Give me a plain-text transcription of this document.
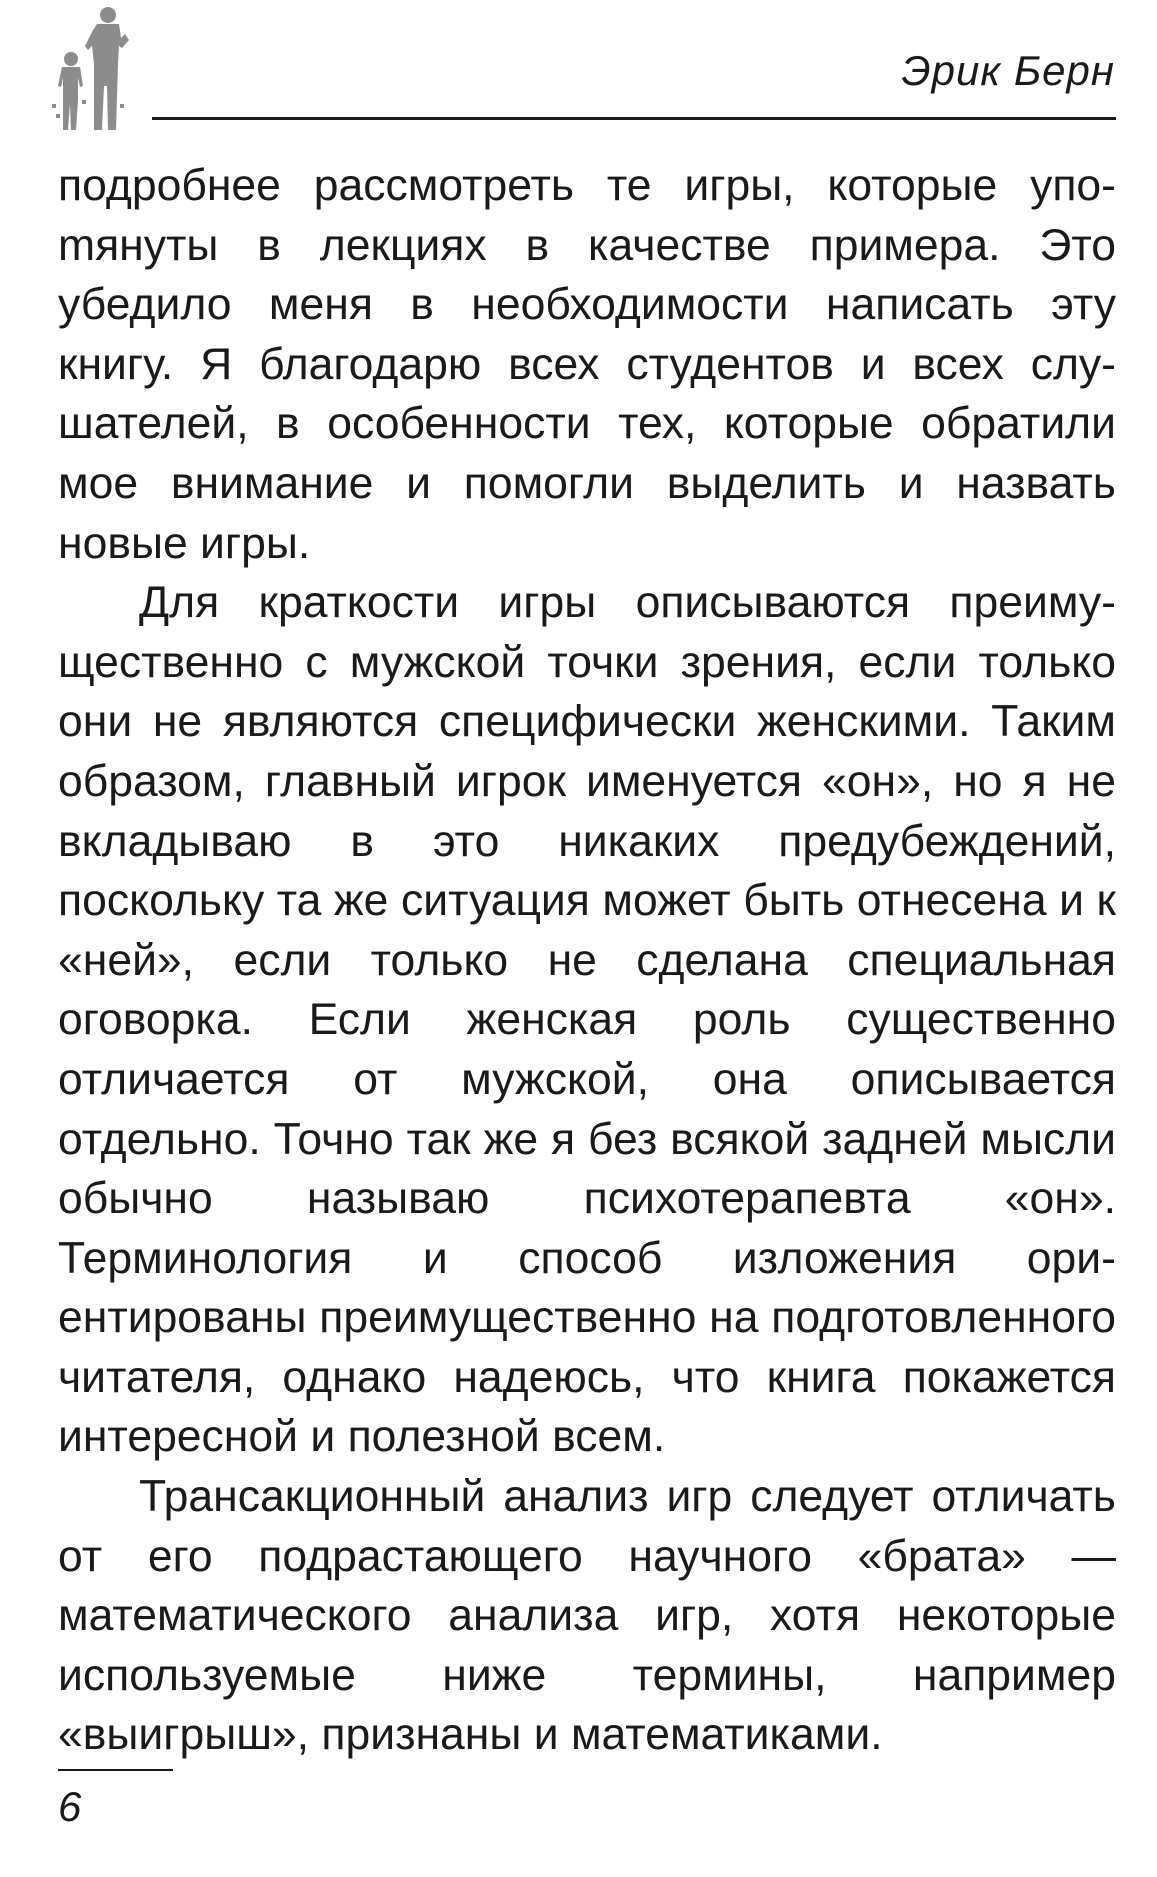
Эрик Берн

подробнее рассмотреть те игры, которые упоmянуты в лекциях в качестве примера. Это убедило меня в необходимости написать эту книгу. Я благодарю всех студентов и всех слушателей, в особенности тех, которые обратили мое внимание и помогли выделить и назвать новые игры.

Для краткости игры описываются преимущественно с мужской точки зрения, если только они не являются специфически женскими. Таким образом, главный игрок именуется «он», но я не вкладываю в это никаких предубеждений, поскольку та же ситуация может быть отнесена и к «ней», если только не сделана специальная оговорка. Если женская роль существенно отличается от мужской, она описывается отдельно. Точно так же я без всякой задней мысли обычно называю психотерапевта «он». Терминология и способ изложения ориентированы преимущественно на подготовленного читателя, однако надеюсь, что книга покажется интересной и полезной всем.

Трансакционный анализ игр следует отличать от его подрастающего научного «брата» — математического анализа игр, хотя некоторые используемые ниже термины, например «выигрыш», признаны и математиками.

6
